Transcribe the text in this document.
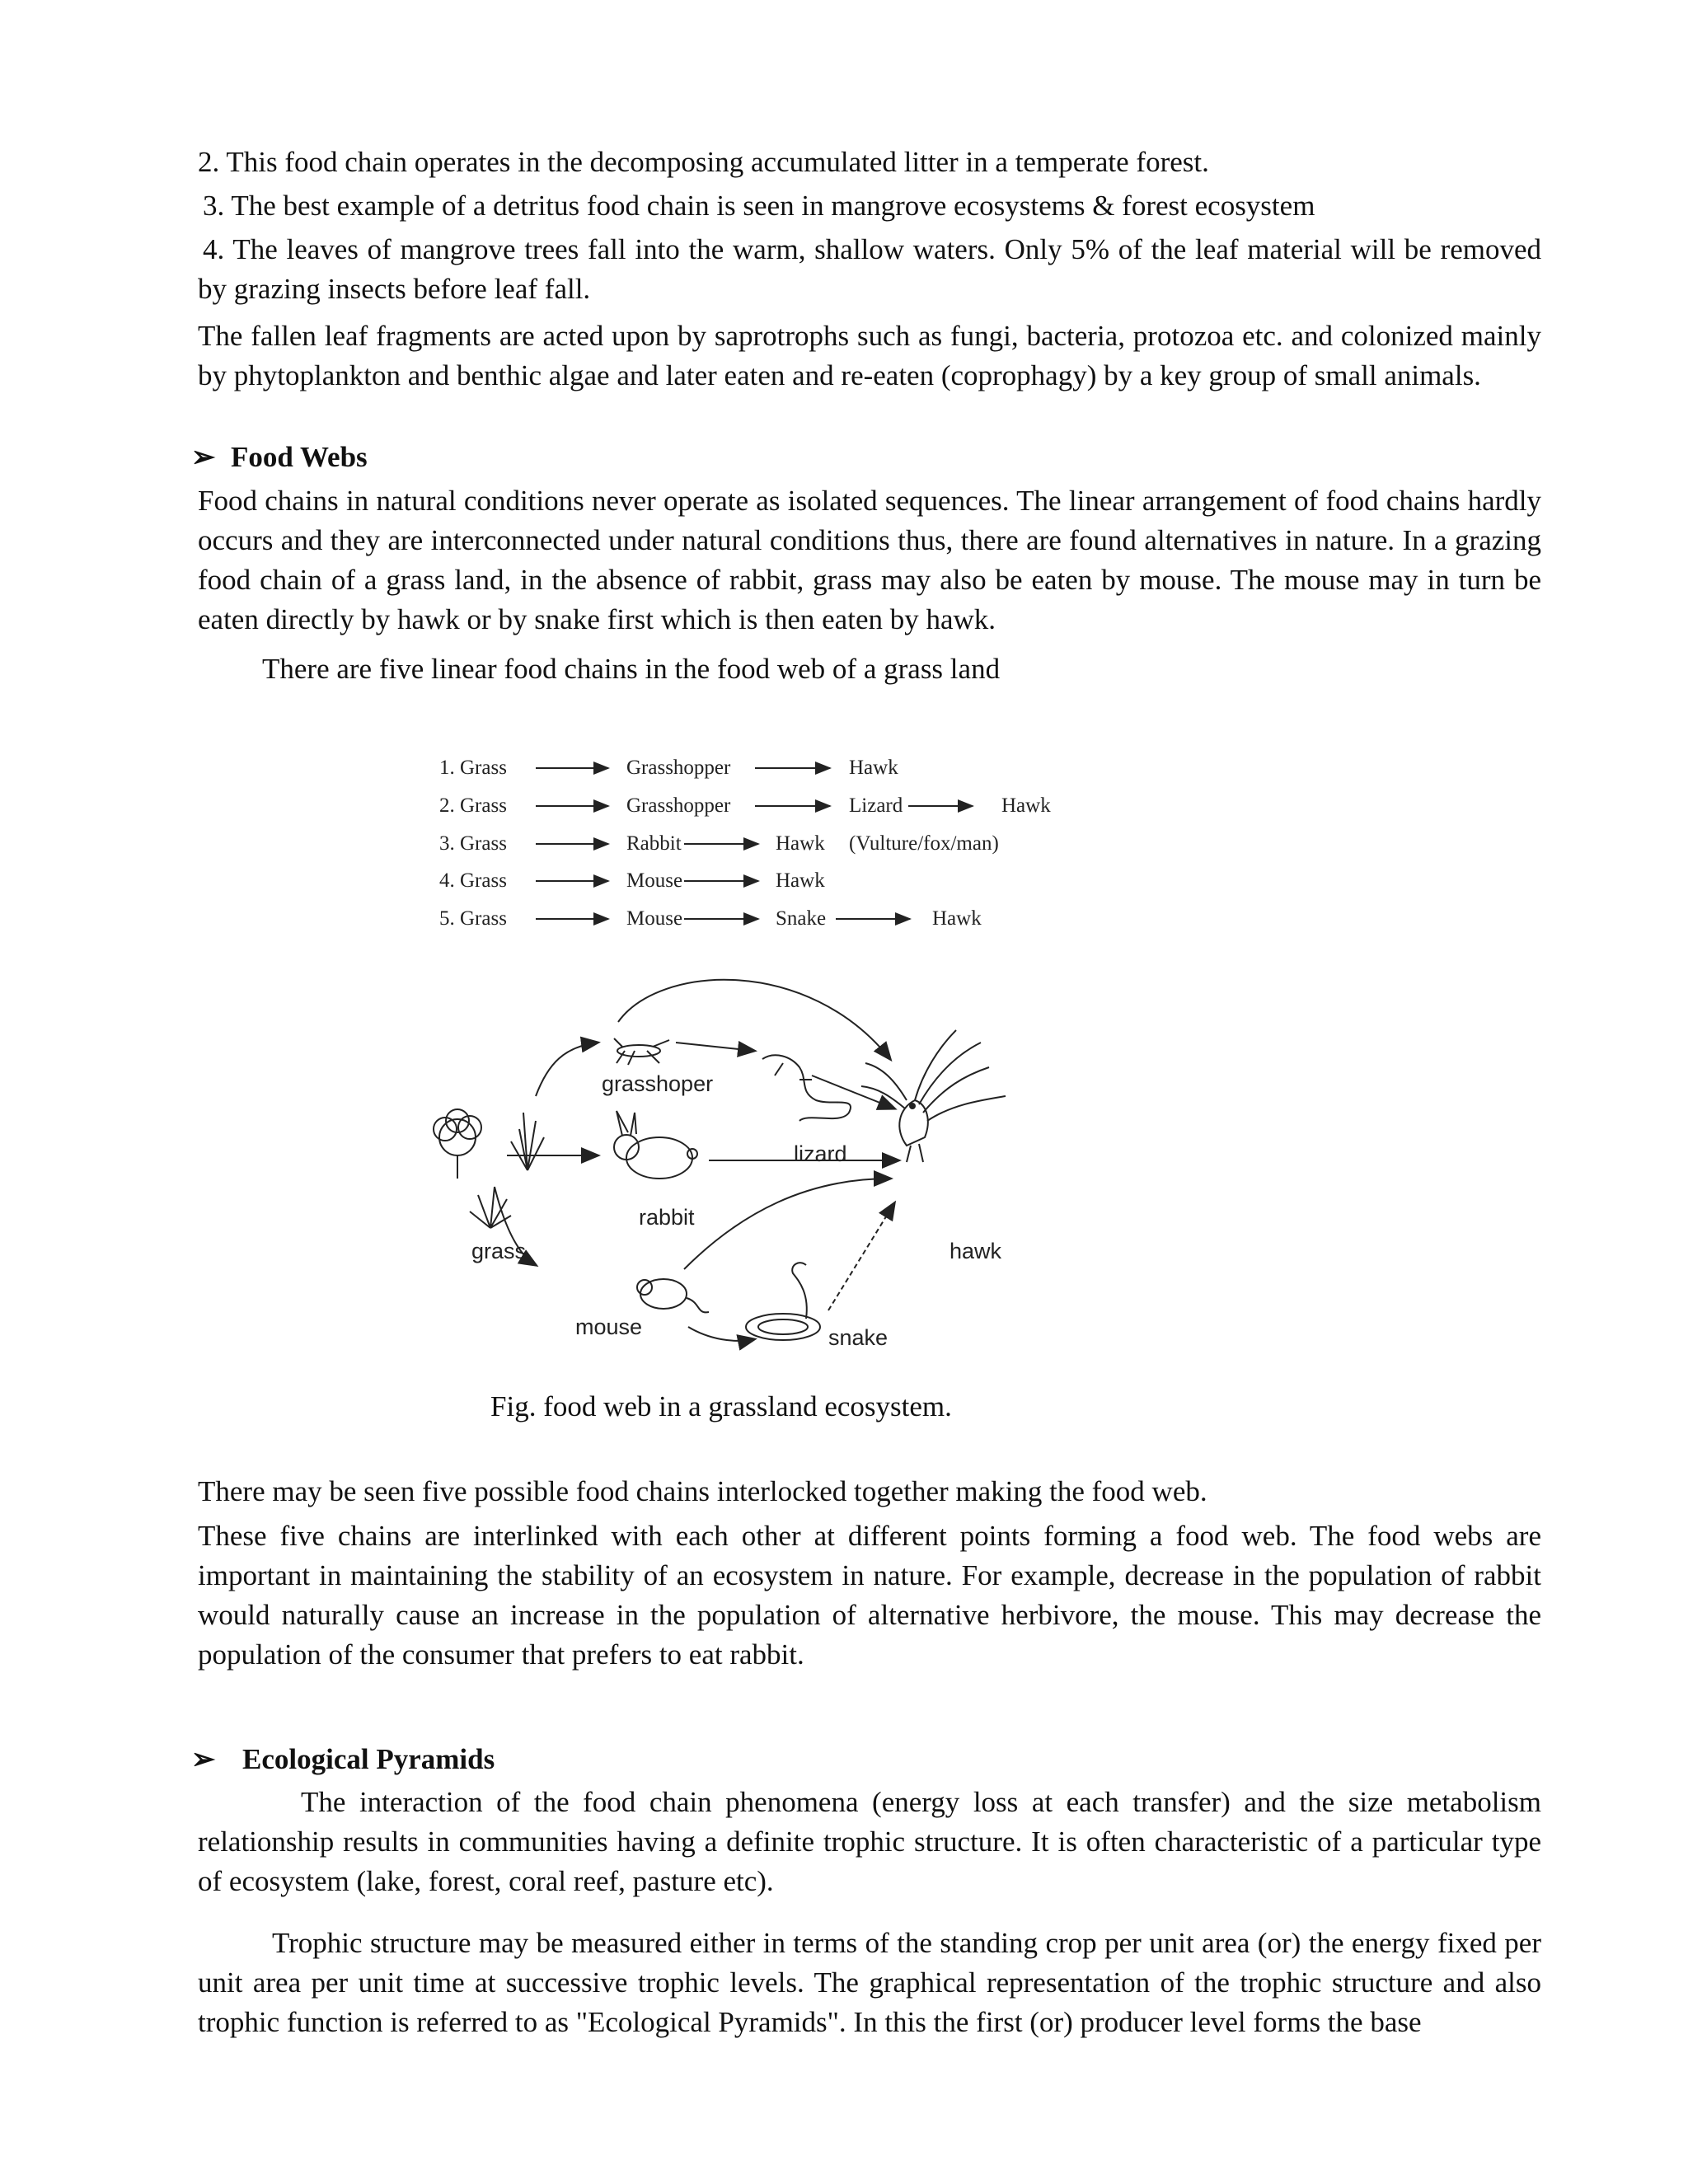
2. This food chain operates in the decomposing accumulated litter in a temperate forest.

3. The best example of a detritus food chain is seen in mangrove ecosystems & forest ecosystem

4. The leaves of mangrove trees fall into the warm, shallow waters. Only 5% of the leaf material will be removed by grazing insects before leaf fall.

The fallen leaf fragments are acted upon by saprotrophs such as fungi, bacteria, protozoa etc. and colonized mainly by phytoplankton and benthic algae and later eaten and re-eaten (coprophagy) by a key group of small animals.

➢ Food Webs

Food chains in natural conditions never operate as isolated sequences. The linear arrangement of food chains hardly occurs and they are interconnected under natural conditions thus, there are found alternatives in nature. In a grazing food chain of a grass land, in the absence of rabbit, grass may also be eaten by mouse. The mouse may in turn be eaten directly by hawk or by snake first which is then eaten by hawk.

There are five linear food chains in the food web of a grass land

1. Grass	Grasshopper	Hawk
2. Grass	Grasshopper	Lizard	Hawk
3. Grass	Rabbit	Hawk (Vulture/fox/man)
4. Grass	Mouse	Hawk
5. Grass	Mouse	Snake	Hawk
grasshoper
lizard
rabbit
grass	hawk
mouse	snake

Fig. food web in a grassland ecosystem.

There may be seen five possible food chains interlocked together making the food web.

These five chains are interlinked with each other at different points forming a food web. The food webs are important in maintaining the stability of an ecosystem in nature. For example, decrease in the population of rabbit would naturally cause an increase in the population of alternative herbivore, the mouse. This may decrease the population of the consumer that prefers to eat rabbit.

➢ Ecological Pyramids

The interaction of the food chain phenomena (energy loss at each transfer) and the size metabolism relationship results in communities having a definite trophic structure. It is often characteristic of a particular type of ecosystem (lake, forest, coral reef, pasture etc).

Trophic structure may be measured either in terms of the standing crop per unit area (or) the energy fixed per unit area per unit time at successive trophic levels. The graphical representation of the trophic structure and also trophic function is referred to as "Ecological Pyramids". In this the first (or) producer level forms the base
